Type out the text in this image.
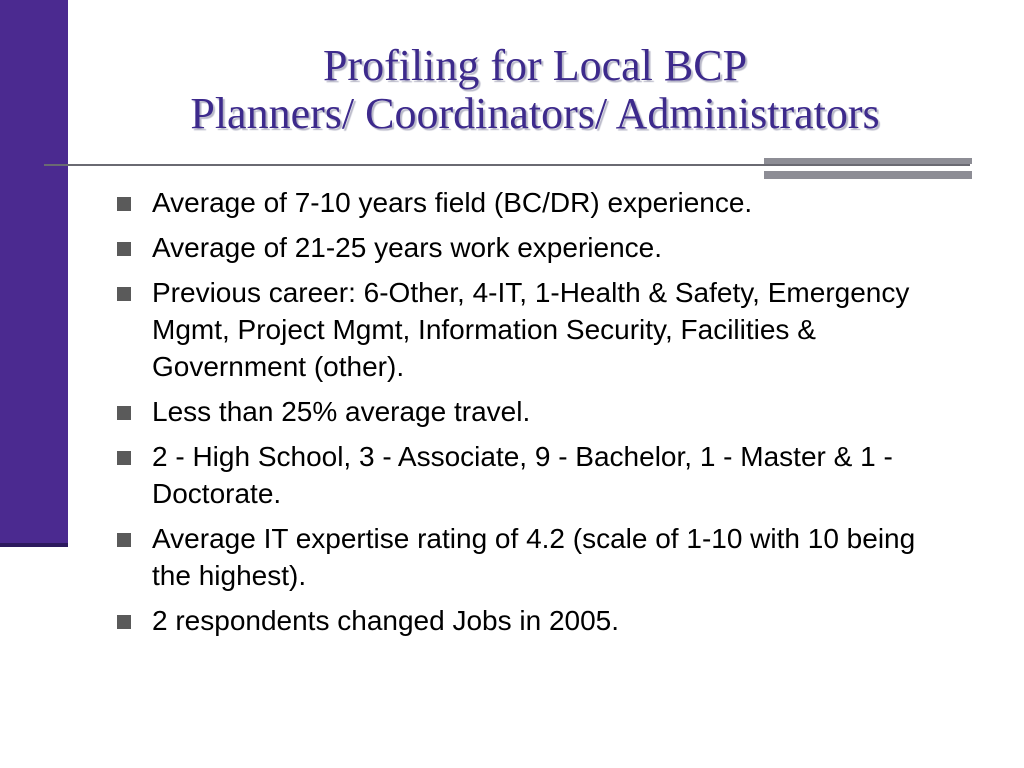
Profiling for Local BCP
Planners/ Coordinators/ Administrators
Average of 7-10 years field (BC/DR) experience.
Average of 21-25 years work experience.
Previous career: 6-Other, 4-IT, 1-Health & Safety, Emergency Mgmt, Project Mgmt, Information Security, Facilities & Government (other).
Less than 25% average travel.
2 - High School, 3 - Associate, 9 - Bachelor, 1 - Master & 1 - Doctorate.
Average IT expertise rating of 4.2 (scale of 1-10 with 10 being the highest).
2 respondents changed Jobs in 2005.
